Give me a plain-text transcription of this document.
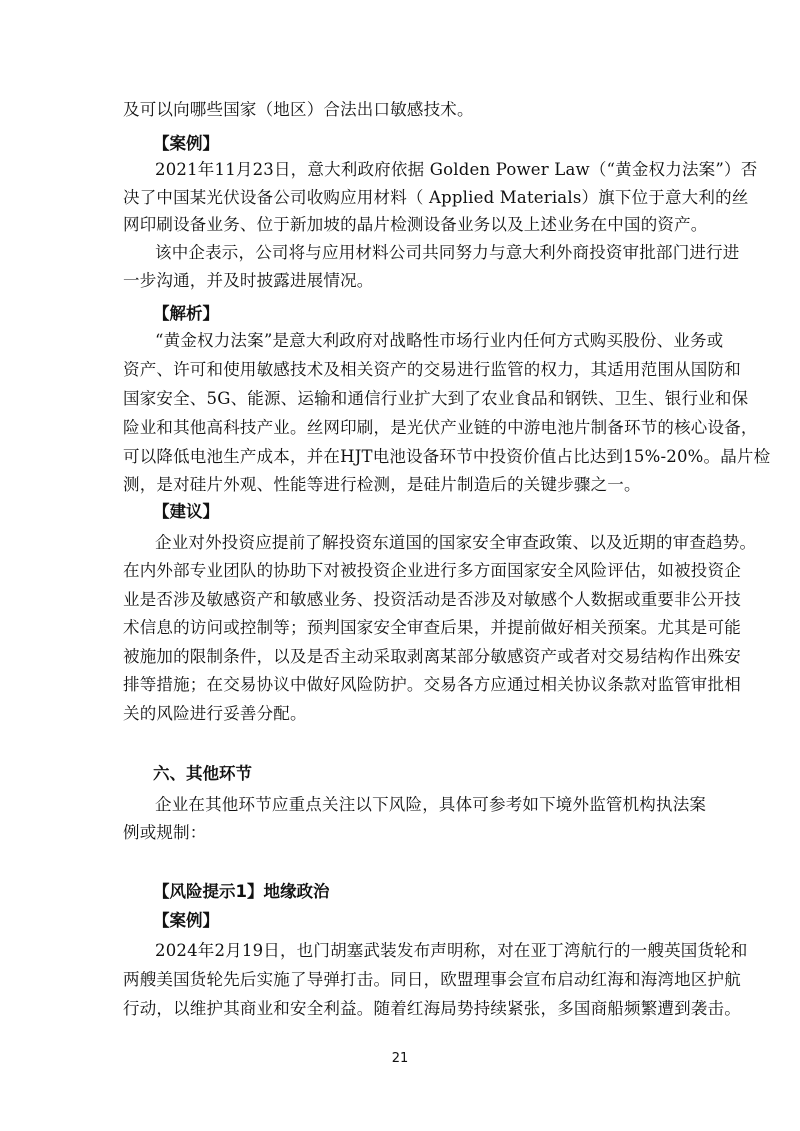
及可以向哪些国家（地区）合法出口敏感技术。
【案例】
2021年11月23日，意大利政府依据 Golden Power Law（“黄金权力法案”）否
决了中国某光伏设备公司收购应用材料（ Applied Materials）旗下位于意大利的丝
网印刷设备业务、位于新加坡的晶片检测设备业务以及上述业务在中国的资产。
该中企表示，公司将与应用材料公司共同努力与意大利外商投资审批部门进行进
一步沟通，并及时披露进展情况。
【解析】
“黄金权力法案”是意大利政府对战略性市场行业内任何方式购买股份、业务或
资产、许可和使用敏感技术及相关资产的交易进行监管的权力，其适用范围从国防和
国家安全、5G、能源、运输和通信行业扩大到了农业食品和钢铁、卫生、银行业和保
险业和其他高科技产业。丝网印刷，是光伏产业链的中游电池片制备环节的核心设备，
可以降低电池生产成本，并在HJT电池设备环节中投资价值占比达到15%-20%。晶片检
测，是对硅片外观、性能等进行检测，是硅片制造后的关键步骤之一。
【建议】
企业对外投资应提前了解投资东道国的国家安全审查政策、以及近期的审查趋势。
在内外部专业团队的协助下对被投资企业进行多方面国家安全风险评估，如被投资企
业是否涉及敏感资产和敏感业务、投资活动是否涉及对敏感个人数据或重要非公开技
术信息的访问或控制等；预判国家安全审查后果，并提前做好相关预案。尤其是可能
被施加的限制条件，以及是否主动采取剥离某部分敏感资产或者对交易结构作出殊安
排等措施；在交易协议中做好风险防护。交易各方应通过相关协议条款对监管审批相
关的风险进行妥善分配。
六、其他环节
企业在其他环节应重点关注以下风险，具体可参考如下境外监管机构执法案
例或规制：
【风险提示1】地缘政治
【案例】
2024年2月19日，也门胡塞武装发布声明称，对在亚丁湾航行的一艘英国货轮和
两艘美国货轮先后实施了导弹打击。同日，欧盟理事会宣布启动红海和海湾地区护航
行动，以维护其商业和安全利益。随着红海局势持续紧张，多国商船频繁遭到袭击。
21
